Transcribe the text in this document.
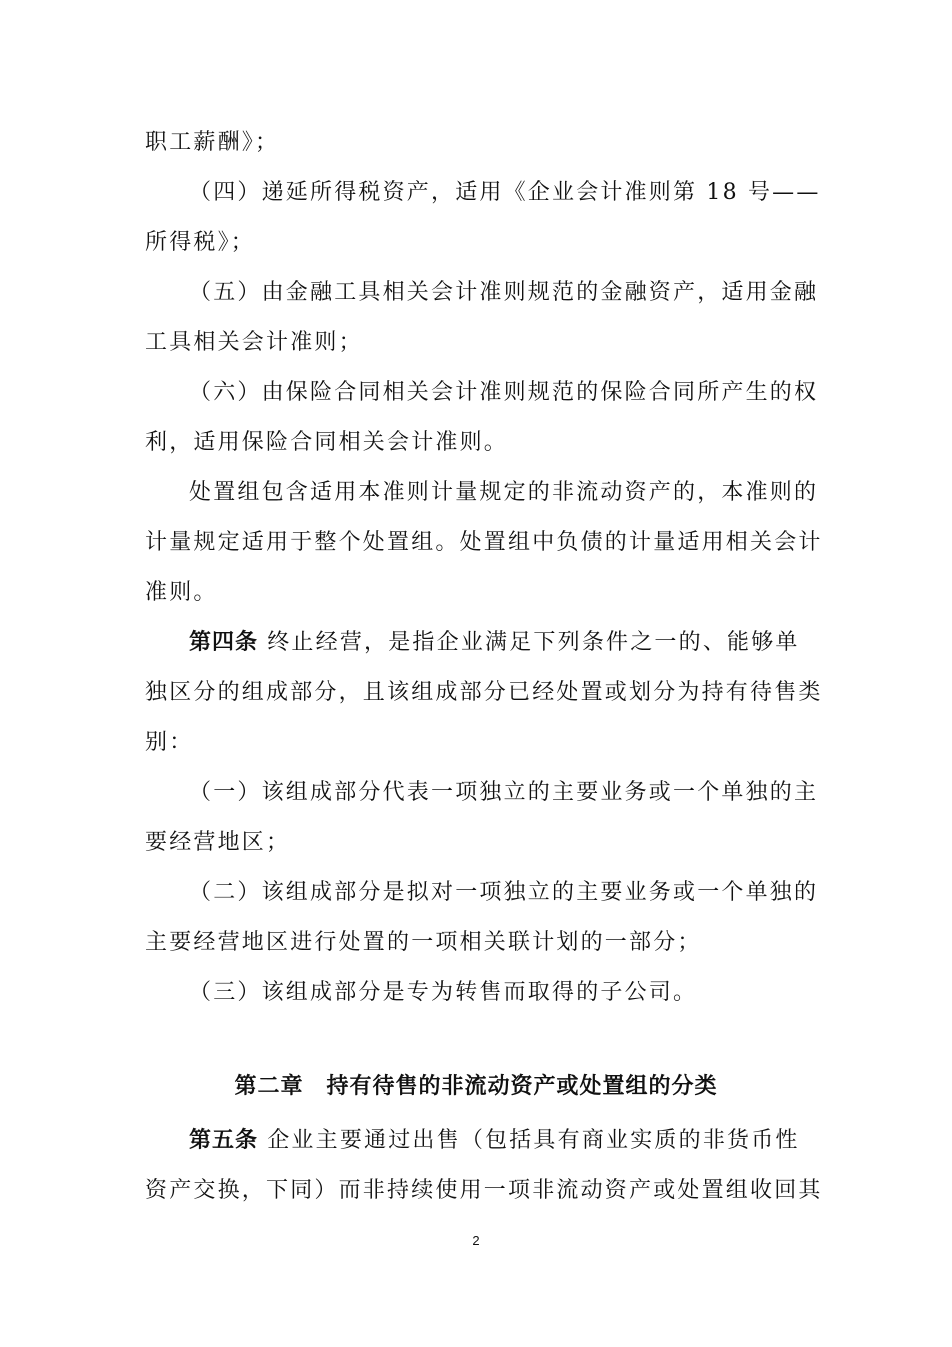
职工薪酬》；
（四）递延所得税资产，适用《企业会计准则第 18 号——
所得税》；
（五）由金融工具相关会计准则规范的金融资产，适用金融
工具相关会计准则；
（六）由保险合同相关会计准则规范的保险合同所产生的权
利，适用保险合同相关会计准则。
处置组包含适用本准则计量规定的非流动资产的，本准则的
计量规定适用于整个处置组。处置组中负债的计量适用相关会计
准则。
第四条 终止经营，是指企业满足下列条件之一的、能够单
独区分的组成部分，且该组成部分已经处置或划分为持有待售类
别：
（一）该组成部分代表一项独立的主要业务或一个单独的主
要经营地区；
（二）该组成部分是拟对一项独立的主要业务或一个单独的
主要经营地区进行处置的一项相关联计划的一部分；
（三）该组成部分是专为转售而取得的子公司。
第二章　持有待售的非流动资产或处置组的分类
第五条 企业主要通过出售（包括具有商业实质的非货币性
资产交换，下同）而非持续使用一项非流动资产或处置组收回其
2
